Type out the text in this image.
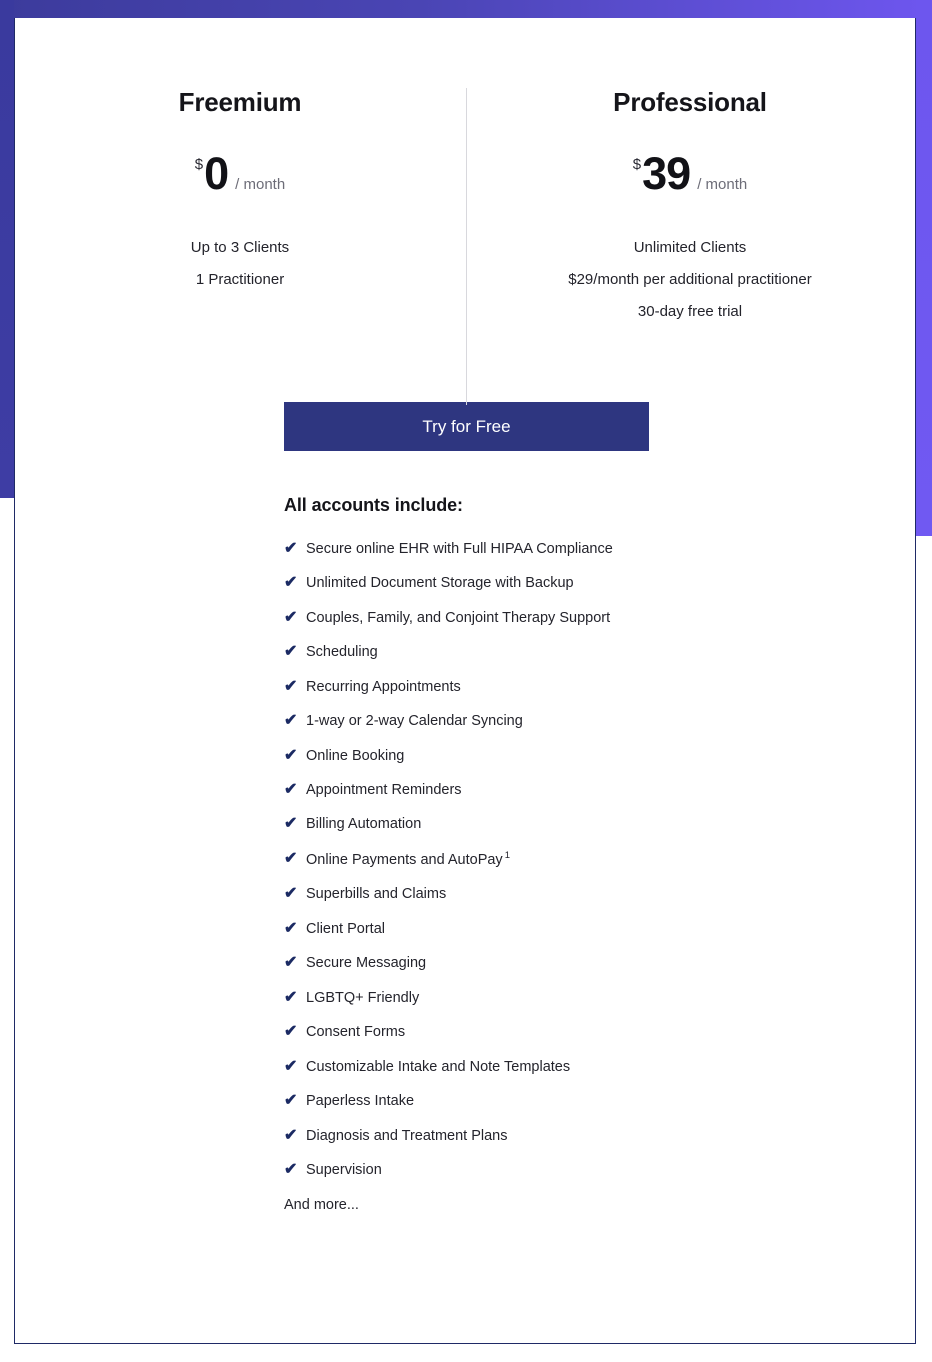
Freemium
$ 0 / month
Up to 3 Clients
1 Practitioner
Professional
$ 39 / month
Unlimited Clients
$29/month per additional practitioner
30-day free trial
Try for Free
All accounts include:
✔ Secure online EHR with Full HIPAA Compliance
✔ Unlimited Document Storage with Backup
✔ Couples, Family, and Conjoint Therapy Support
✔ Scheduling
✔ Recurring Appointments
✔ 1-way or 2-way Calendar Syncing
✔ Online Booking
✔ Appointment Reminders
✔ Billing Automation
✔ Online Payments and AutoPay $^1$
✔ Superbills and Claims
✔ Client Portal
✔ Secure Messaging
✔ LGBTQ+ Friendly
✔ Consent Forms
✔ Customizable Intake and Note Templates
✔ Paperless Intake
✔ Diagnosis and Treatment Plans
✔ Supervision
And more...
